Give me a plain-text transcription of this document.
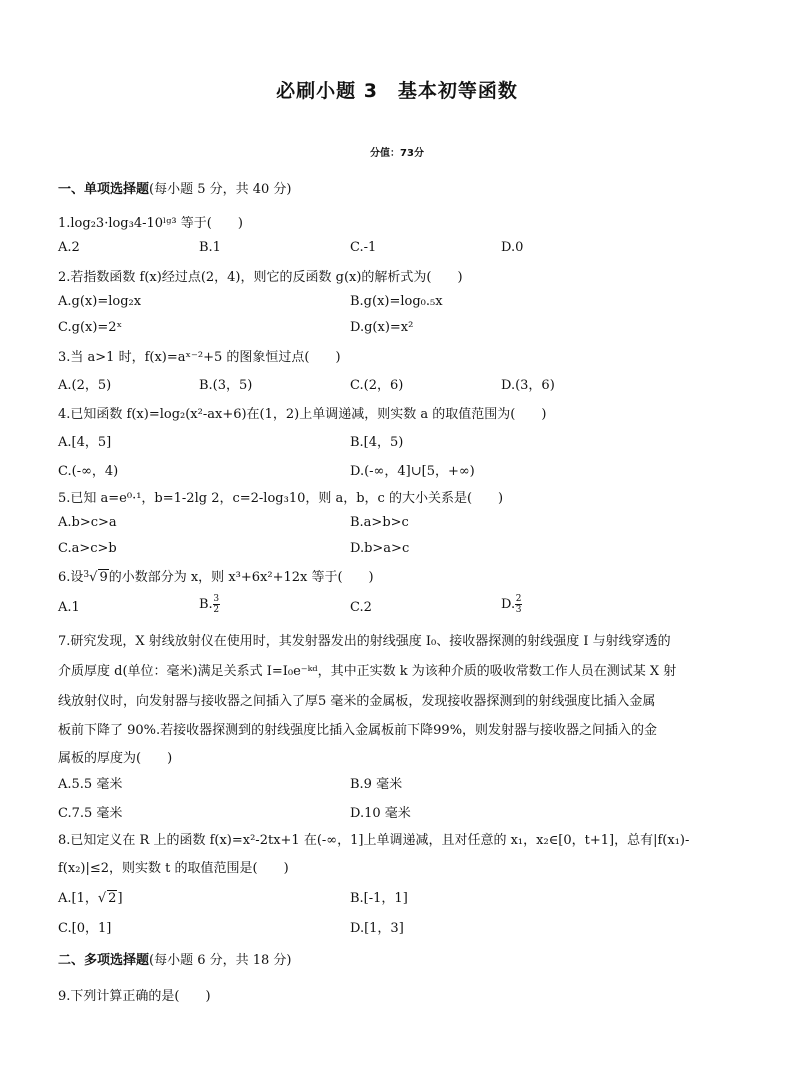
必刷小题 3　基本初等函数
分值：73分
一、单项选择题(每小题 5 分，共 40 分)
1.log₂3·log₃4-10ˡᵍ³ 等于(　　)
A.2	B.1	C.-1	D.0
2.若指数函数 f(x)经过点(2，4)，则它的反函数 g(x)的解析式为(　　)
A.g(x)=log₂x	B.g(x)=log₀.₅x
C.g(x)=2ˣ	D.g(x)=x²
3.当 a>1 时，f(x)=aˣ⁻²+5 的图象恒过点(　　)
A.(2，5)	B.(3，5)	C.(2，6)	D.(3，6)
4.已知函数 f(x)=log₂(x²-ax+6)在(1，2)上单调递减，则实数 a 的取值范围为(　　)
A.[4，5]	B.[4，5)
C.(-∞，4)	D.(-∞，4]∪[5，+∞)
5.已知 a=e⁰·¹，b=1-2lg 2，c=2-log₃10，则 a，b，c 的大小关系是(　　)
A.b>c>a	B.a>b>c
C.a>c>b	D.b>a>c
6.设$^3$√ 9的小数部分为 x，则 x³+6x²+12x 等于(　　)
A.1	B. $\frac{3}{2}$	C.2	D. $\frac{2}{3}$
7.研究发现，X 射线放射仪在使用时，其发射器发出的射线强度 I₀、接收器探测的射线强度 I 与射线穿透的
介质厚度 d(单位：毫米)满足关系式 I=I₀e⁻ᵏᵈ，其中正实数 k 为该种介质的吸收常数工作人员在测试某 X 射
线放射仪时，向发射器与接收器之间插入了厚5 毫米的金属板，发现接收器探测到的射线强度比插入金属
板前下降了 90%.若接收器探测到的射线强度比插入金属板前下降99%，则发射器与接收器之间插入的金
属板的厚度为(　　)
A.5.5 毫米	B.9 毫米
C.7.5 毫米	D.10 毫米
8.已知定义在 R 上的函数 f(x)=x²-2tx+1 在(-∞，1]上单调递减，且对任意的 x₁，x₂∈[0，t+1]，总有|f(x₁)-
f(x₂)|≤2，则实数 t 的取值范围是(　　)
A.[1，√ 2]	B.[-1，1]
C.[0，1]	D.[1，3]
二、多项选择题(每小题 6 分，共 18 分)
9.下列计算正确的是(　　)
